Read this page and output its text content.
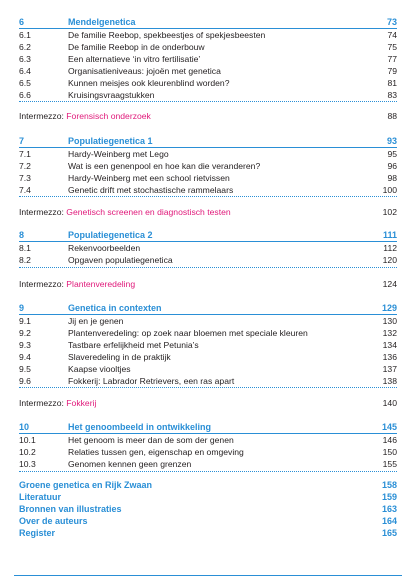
6	Mendelgenetica	73
6.1	De familie Reebop, spekbeestjes of spekjesbeesten	74
6.2	De familie Reebop in de onderbouw	75
6.3	Een alternatieve ‘in vitro fertilisatie’	77
6.4	Organisatieniveaus: jojoën met genetica	79
6.5	Kunnen meisjes ook kleurenblind worden?	81
6.6	Kruisingsvraagstukken	83
Intermezzo: Forensisch onderzoek	88
7	Populatiegenetica 1	93
7.1	Hardy-Weinberg met Lego	95
7.2	Wat is een genenpool en hoe kan die veranderen?	96
7.3	Hardy-Weinberg met een school rietvissen	98
7.4	Genetic drift met stochastische rammelaars	100
Intermezzo: Genetisch screenen en diagnostisch testen	102
8	Populatiegenetica 2	111
8.1	Rekenvoorbeelden	112
8.2	Opgaven populatiegenetica	120
Intermezzo: Plantenveredeling	124
9	Genetica in contexten	129
9.1	Jij en je genen	130
9.2	Plantenveredeling: op zoek naar bloemen met speciale kleuren	132
9.3	Tastbare erfelijkheid met Petunia’s	134
9.4	Slaveredeling in de praktijk	136
9.5	Kaapse viooltjes	137
9.6	Fokkerij: Labrador Retrievers, een ras apart	138
Intermezzo: Fokkerij	140
10	Het genoombeeld in ontwikkeling	145
10.1	Het genoom is meer dan de som der genen	146
10.2	Relaties tussen gen, eigenschap en omgeving	150
10.3	Genomen kennen geen grenzen	155
Groene genetica en Rijk Zwaan	158
Literatuur	159
Bronnen van illustraties	163
Over de auteurs	164
Register	165
